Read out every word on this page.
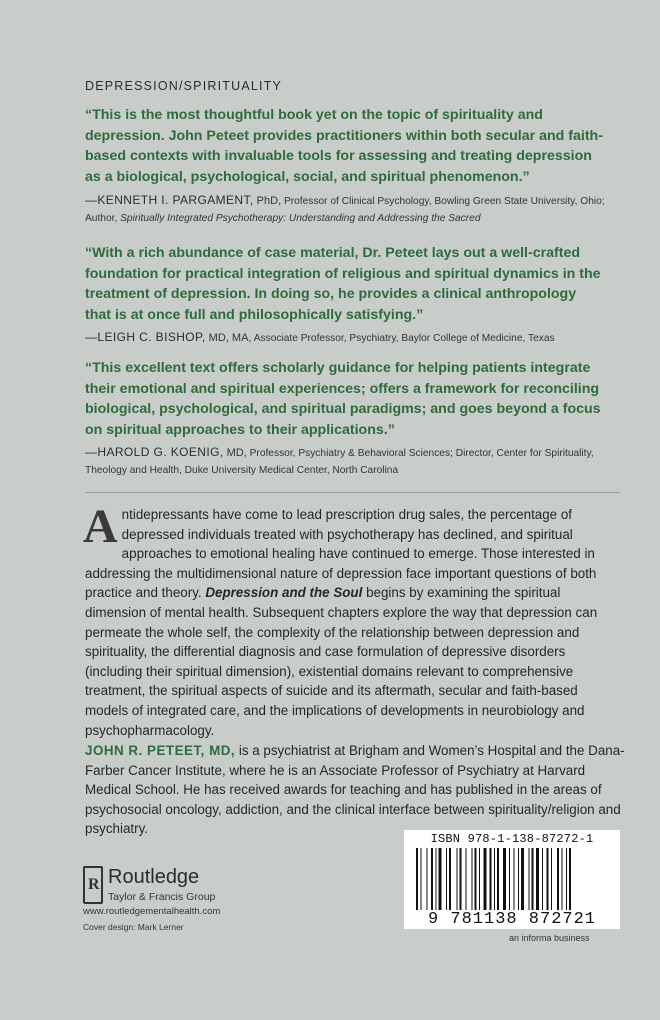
DEPRESSION/SPIRITUALITY
“This is the most thoughtful book yet on the topic of spirituality and depression. John Peteet provides practitioners within both secular and faith-based contexts with invaluable tools for assessing and treating depression as a biological, psychological, social, and spiritual phenomenon.”
—KENNETH I. PARGAMENT, PhD, Professor of Clinical Psychology, Bowling Green State University, Ohio; Author, Spiritually Integrated Psychotherapy: Understanding and Addressing the Sacred
“With a rich abundance of case material, Dr. Peteet lays out a well-crafted foundation for practical integration of religious and spiritual dynamics in the treatment of depression. In doing so, he provides a clinical anthropology that is at once full and philosophically satisfying.”
—LEIGH C. BISHOP, MD, MA, Associate Professor, Psychiatry, Baylor College of Medicine, Texas
“This excellent text offers scholarly guidance for helping patients integrate their emotional and spiritual experiences; offers a framework for reconciling biological, psychological, and spiritual paradigms; and goes beyond a focus on spiritual approaches to their applications.”
—HAROLD G. KOENIG, MD, Professor, Psychiatry & Behavioral Sciences; Director, Center for Spirituality, Theology and Health, Duke University Medical Center, North Carolina
Antidepressants have come to lead prescription drug sales, the percentage of depressed individuals treated with psychotherapy has declined, and spiritual approaches to emotional healing have continued to emerge. Those interested in addressing the multidimensional nature of depression face important questions of both practice and theory. Depression and the Soul begins by examining the spiritual dimension of mental health. Subsequent chapters explore the way that depression can permeate the whole self, the complexity of the relationship between depression and spirituality, the differential diagnosis and case formulation of depressive disorders (including their spiritual dimension), existential domains relevant to comprehensive treatment, the spiritual aspects of suicide and its aftermath, secular and faith-based models of integrated care, and the implications of developments in neurobiology and psychopharmacology.
JOHN R. PETEET, MD, is a psychiatrist at Brigham and Women’s Hospital and the Dana-Farber Cancer Institute, where he is an Associate Professor of Psychiatry at Harvard Medical School. He has received awards for teaching and has published in the areas of psychosocial oncology, addiction, and the clinical interface between spirituality/religion and psychiatry.
R Routledge
Taylor & Francis Group
www.routledgementalhealth.com
Cover design: Mark Lerner
ISBN 978-1-138-87272-1
9 781138 872721
an informa business
